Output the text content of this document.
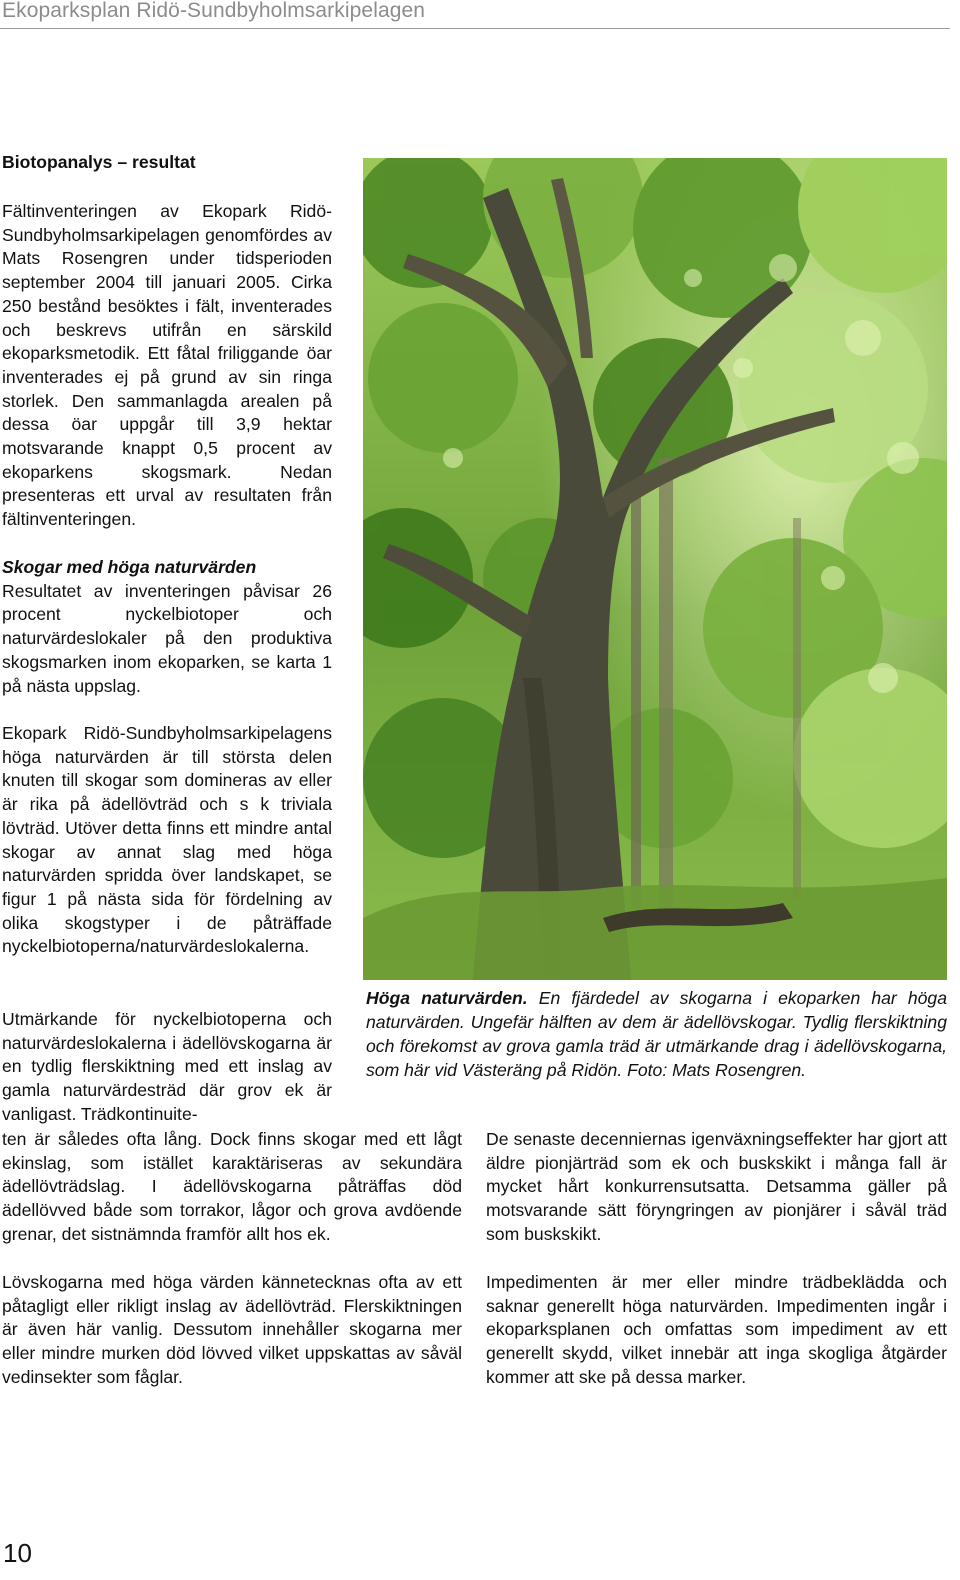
Ekoparksplan Ridö-Sundbyholmsarkipelagen
Biotopanalys – resultat

Fältinventeringen av Ekopark Ridö-Sundbyholmsarkipelagen genomfördes av Mats Rosengren under tidsperioden september 2004 till januari 2005. Cirka 250 bestånd besöktes i fält, inventerades och beskrevs utifrån en särskild ekoparksmetodik. Ett fåtal friliggande öar inventerades ej på grund av sin ringa storlek. Den sammanlagda arealen på dessa öar uppgår till 3,9 hektar motsvarande knappt 0,5 procent av ekoparkens skogsmark. Nedan presenteras ett urval av resultaten från fältinventeringen.

Skogar med höga naturvärden
Resultatet av inventeringen påvisar 26 procent nyckelbiotoper och naturvärdeslokaler på den produktiva skogsmarken inom ekoparken, se karta 1 på nästa uppslag.

Ekopark Ridö-Sundbyholmsarkipelagens höga naturvärden är till största delen knuten till skogar som domineras av eller är rika på ädellövträd och s k triviala lövträd. Utöver detta finns ett mindre antal skogar av annat slag med höga naturvärden spridda över landskapet, se figur 1 på nästa sida för fördelning av olika skogstyper i de påträffade nyckelbiotoperna/naturvärdeslokalerna.

Utmärkande för nyckelbiotoperna och naturvärdeslokalerna i ädellövskogarna är en tydlig flerskiktning med ett inslag av gamla naturvärdesträd där grov ek är vanligast. Trädkontinuite-

ten är således ofta lång. Dock finns skogar med ett lågt ekinslag, som istället karaktäriseras av sekundära ädellövträdslag. I ädellövskogarna påträffas död ädellövved både som torrakor, lågor och grova avdöende grenar, det sistnämnda framför allt hos ek.

Lövskogarna med höga värden kännetecknas ofta av ett påtagligt eller rikligt inslag av ädellövträd. Flerskiktningen är även här vanlig. Dessutom innehåller skogarna mer eller mindre murken död lövved vilket uppskattas av såväl vedinsekter som fåglar.

De senaste decenniernas igenväxningseffekter har gjort att äldre pionjärträd som ek och buskskikt i många fall är mycket hårt konkurrensutsatta. Detsamma gäller på motsvarande sätt föryngringen av pionjärer i såväl träd som buskskikt.

Impedimenten är mer eller mindre trädbeklädda och saknar generellt höga naturvärden. Impedimenten ingår i ekoparksplanen och omfattas som impediment av ett generellt skydd, vilket innebär att inga skogliga åtgärder kommer att ske på dessa marker.

Höga naturvärden. En fjärdedel av skogarna i ekoparken har höga naturvärden. Ungefär hälften av dem är ädellövskogar. Tydlig flerskiktning och förekomst av grova gamla träd är utmärkande drag i ädellövskogarna, som här vid Västeräng på Ridön. Foto: Mats Rosengren.

10
